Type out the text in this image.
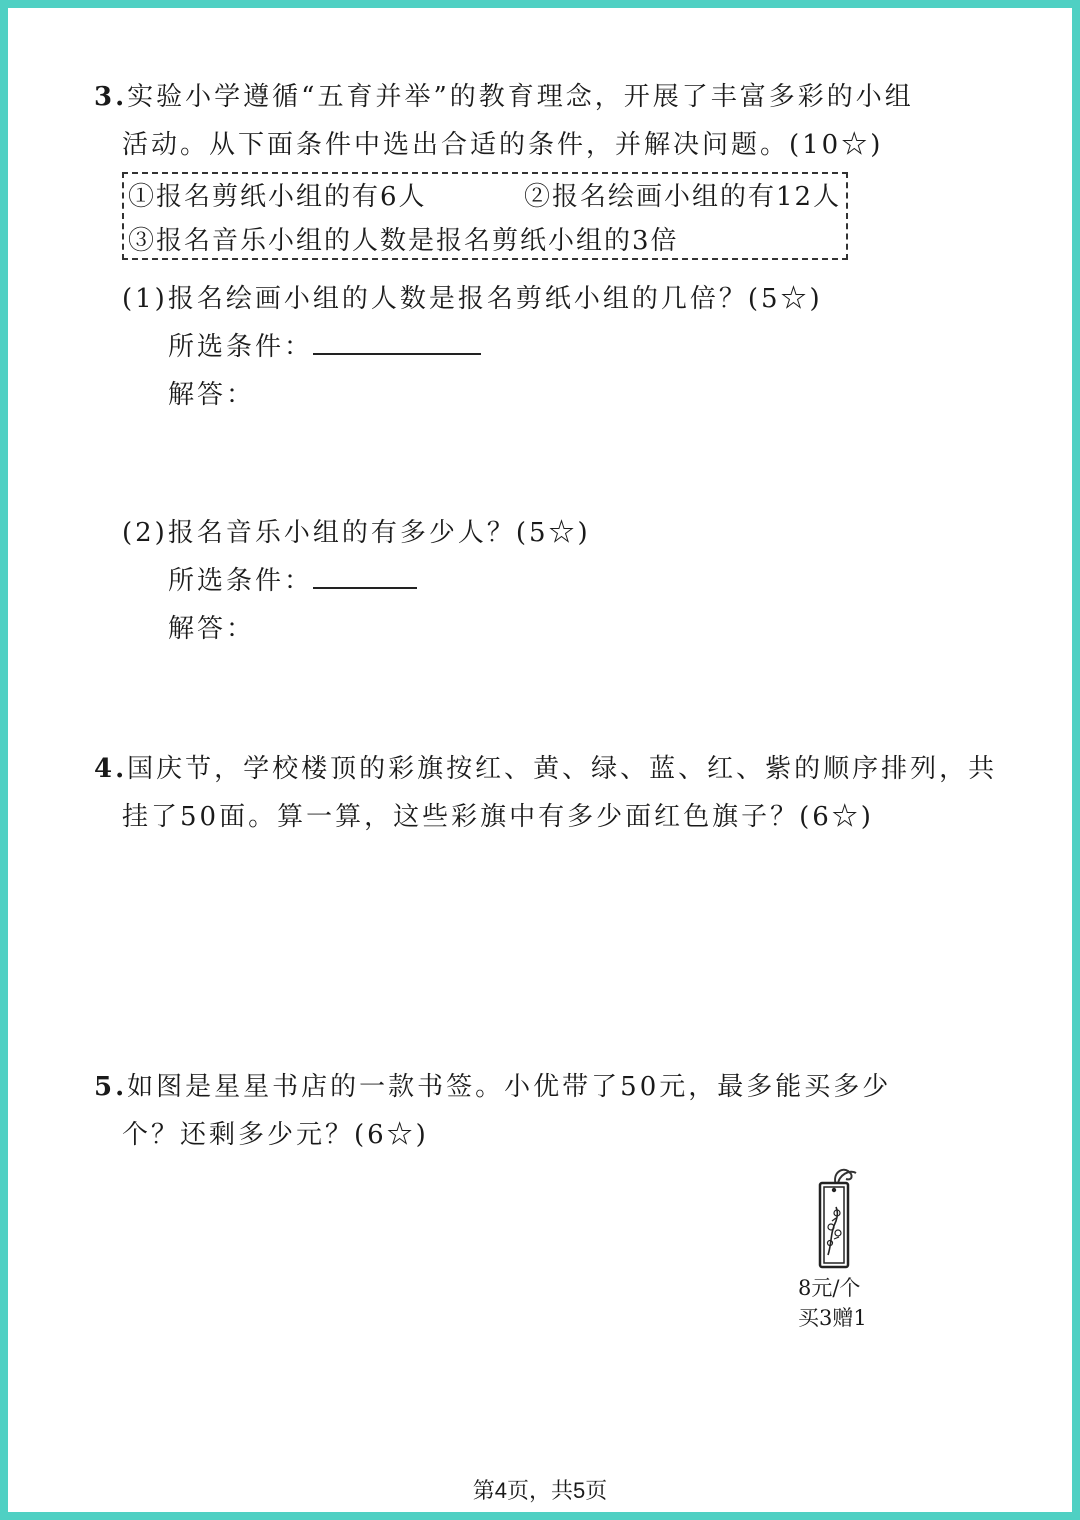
3.实验小学遵循“五育并举”的教育理念，开展了丰富多彩的小组
活动。从下面条件中选出合适的条件，并解决问题。(10☆)
①报名剪纸小组的有6人	②报名绘画小组的有12人
③报名音乐小组的人数是报名剪纸小组的3倍
(1)报名绘画小组的人数是报名剪纸小组的几倍？(5☆)
所选条件：
解答：
(2)报名音乐小组的有多少人？(5☆)
所选条件：
解答：
4.国庆节，学校楼顶的彩旗按红、黄、绿、蓝、红、紫的顺序排列，共
挂了50面。算一算，这些彩旗中有多少面红色旗子？(6☆)
5.如图是星星书店的一款书签。小优带了50元，最多能买多少
个？还剩多少元？(6☆)
8元/个
买3赠1
第4页，共5页
